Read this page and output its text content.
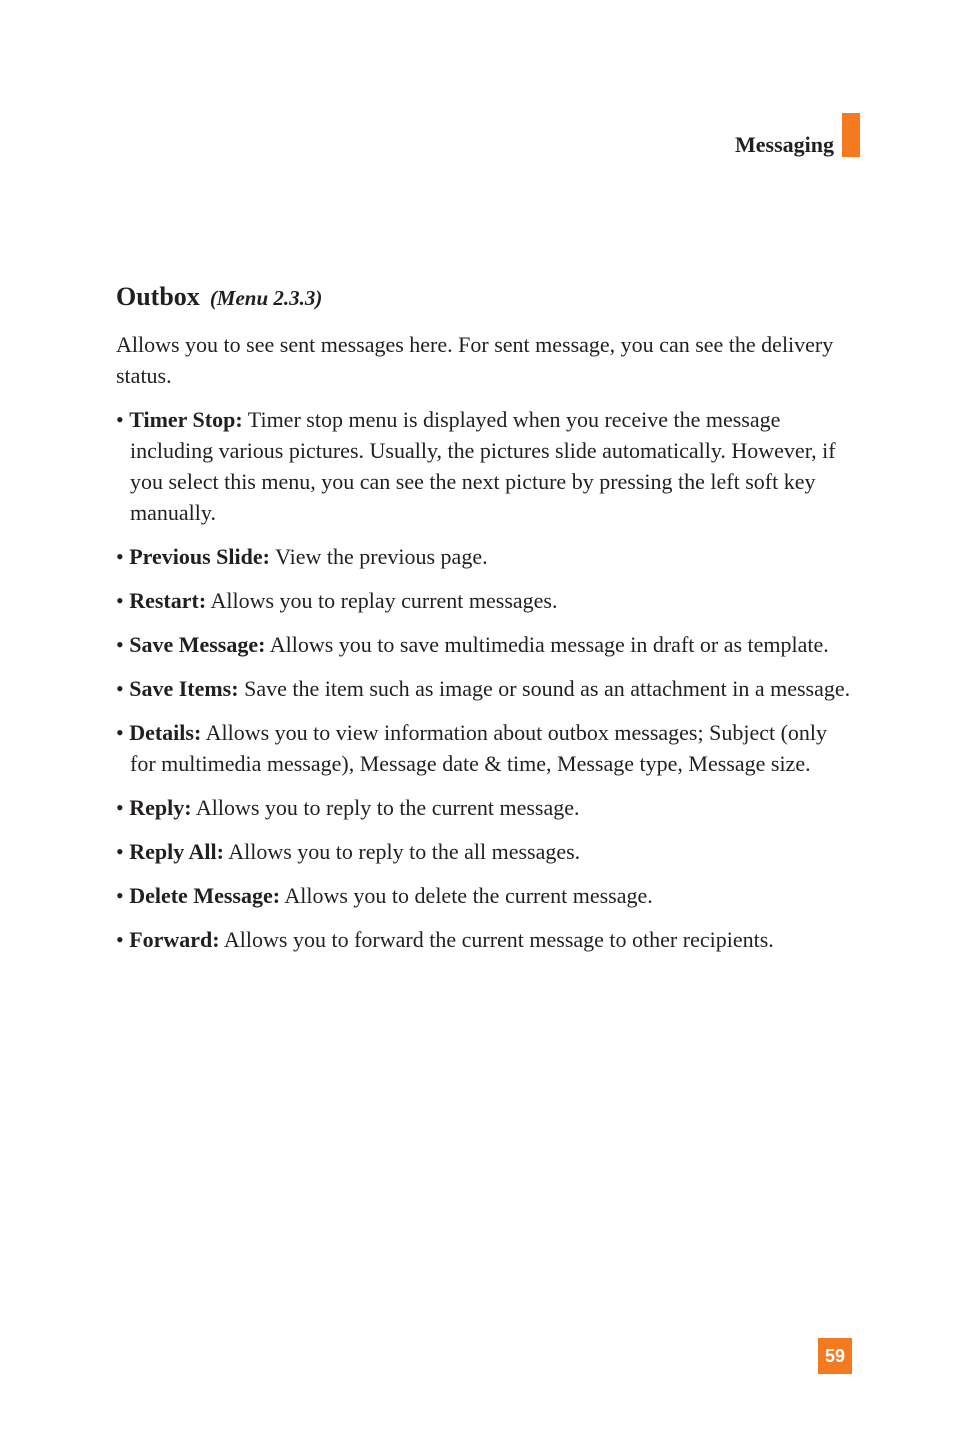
Messaging
Outbox (Menu 2.3.3)

Allows you to see sent messages here. For sent message, you can see the delivery status.

• Timer Stop: Timer stop menu is displayed when you receive the message including various pictures. Usually, the pictures slide automatically. However, if you select this menu, you can see the next picture by pressing the left soft key manually.
• Previous Slide: View the previous page.
• Restart: Allows you to replay current messages.
• Save Message: Allows you to save multimedia message in draft or as template.
• Save Items: Save the item such as image or sound as an attachment in a message.
• Details: Allows you to view information about outbox messages; Subject (only for multimedia message), Message date & time, Message type, Message size.
• Reply: Allows you to reply to the current message.
• Reply All: Allows you to reply to the all messages.
• Delete Message: Allows you to delete the current message.
• Forward: Allows you to forward the current message to other recipients.
59
